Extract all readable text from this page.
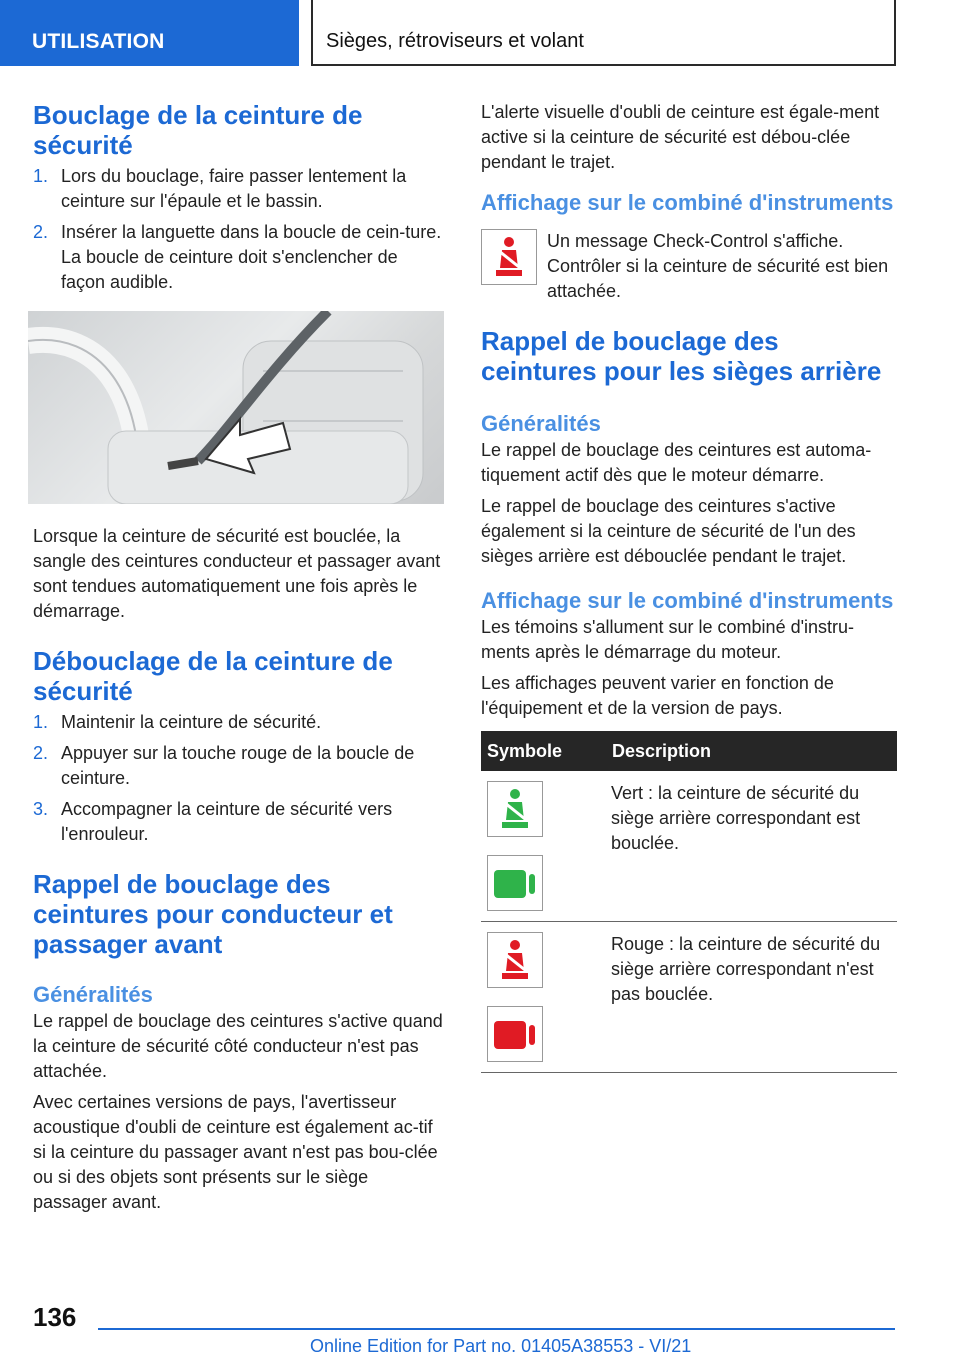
UTILISATION	Sièges, rétroviseurs et volant
Bouclage de la ceinture de sécurité
1. Lors du bouclage, faire passer lentement la ceinture sur l'épaule et le bassin.
2. Insérer la languette dans la boucle de cein-ture. La boucle de ceinture doit s'enclencher de façon audible.

Lorsque la ceinture de sécurité est bouclée, la sangle des ceintures conducteur et passager avant sont tendues automatiquement une fois après le démarrage.

Débouclage de la ceinture de sécurité
1. Maintenir la ceinture de sécurité.
2. Appuyer sur la touche rouge de la boucle de ceinture.
3. Accompagner la ceinture de sécurité vers l'enrouleur.
Rappel de bouclage des ceintures pour conducteur et passager avant
Généralités

Le rappel de bouclage des ceintures s'active quand la ceinture de sécurité côté conducteur n'est pas attachée.

Avec certaines versions de pays, l'avertisseur acoustique d'oubli de ceinture est également ac-tif si la ceinture du passager avant n'est pas bou-clée ou si des objets sont présents sur le siège passager avant.

L'alerte visuelle d'oubli de ceinture est égale-ment active si la ceinture de sécurité est débou-clée pendant le trajet.

Affichage sur le combiné d'instruments

Un message Check-Control s'affiche. Contrôler si la ceinture de sécurité est bien attachée.

Rappel de bouclage des ceintures pour les sièges arrière
Généralités

Le rappel de bouclage des ceintures est automa-tiquement actif dès que le moteur démarre.

Le rappel de bouclage des ceintures s'active également si la ceinture de sécurité de l'un des sièges arrière est débouclée pendant le trajet.

Affichage sur le combiné d'instruments

Les témoins s'allument sur le combiné d'instru-ments après le démarrage du moteur.

Les affichages peuvent varier en fonction de l'équipement et de la version de pays.

Symbole	Description

	Vert : la ceinture de sécurité du siège arrière correspondant est bouclée.

	Rouge : la ceinture de sécurité du siège arrière correspondant n'est pas bouclée.
136
Online Edition for Part no. 01405A38553 - VI/21
